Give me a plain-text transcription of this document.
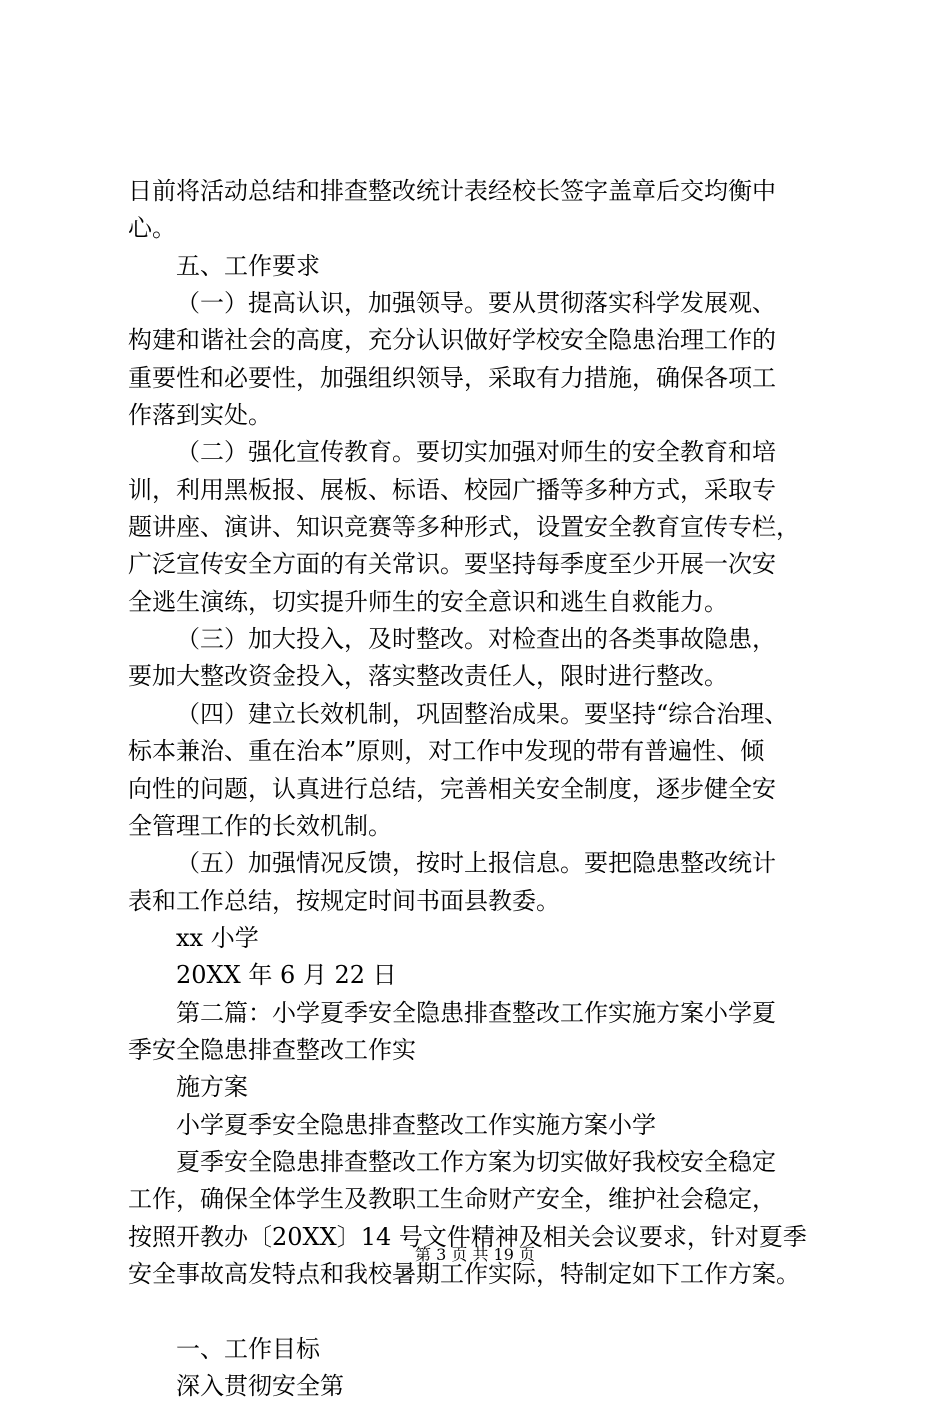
日前将活动总结和排查整改统计表经校长签字盖章后交均衡中
心。
五、工作要求
（一）提高认识，加强领导。要从贯彻落实科学发展观、
构建和谐社会的高度，充分认识做好学校安全隐患治理工作的
重要性和必要性，加强组织领导，采取有力措施，确保各项工
作落到实处。
（二）强化宣传教育。要切实加强对师生的安全教育和培
训，利用黑板报、展板、标语、校园广播等多种方式，采取专
题讲座、演讲、知识竞赛等多种形式，设置安全教育宣传专栏，
广泛宣传安全方面的有关常识。要坚持每季度至少开展一次安
全逃生演练，切实提升师生的安全意识和逃生自救能力。
（三）加大投入，及时整改。对检查出的各类事故隐患，
要加大整改资金投入，落实整改责任人，限时进行整改。
（四）建立长效机制，巩固整治成果。要坚持“综合治理、
标本兼治、重在治本”原则，对工作中发现的带有普遍性、倾
向性的问题，认真进行总结，完善相关安全制度，逐步健全安
全管理工作的长效机制。
（五）加强情况反馈，按时上报信息。要把隐患整改统计
表和工作总结，按规定时间书面县教委。
xx 小学
20XX 年 6 月 22 日
第二篇：小学夏季安全隐患排查整改工作实施方案小学夏
季安全隐患排查整改工作实
施方案
小学夏季安全隐患排查整改工作实施方案小学
夏季安全隐患排查整改工作方案为切实做好我校安全稳定
工作，确保全体学生及教职工生命财产安全，维护社会稳定，
按照开教办〔20XX〕14 号文件精神及相关会议要求，针对夏季
安全事故高发特点和我校暑期工作实际，特制定如下工作方案。
一、工作目标
深入贯彻安全第
第 3 页 共 19 页
